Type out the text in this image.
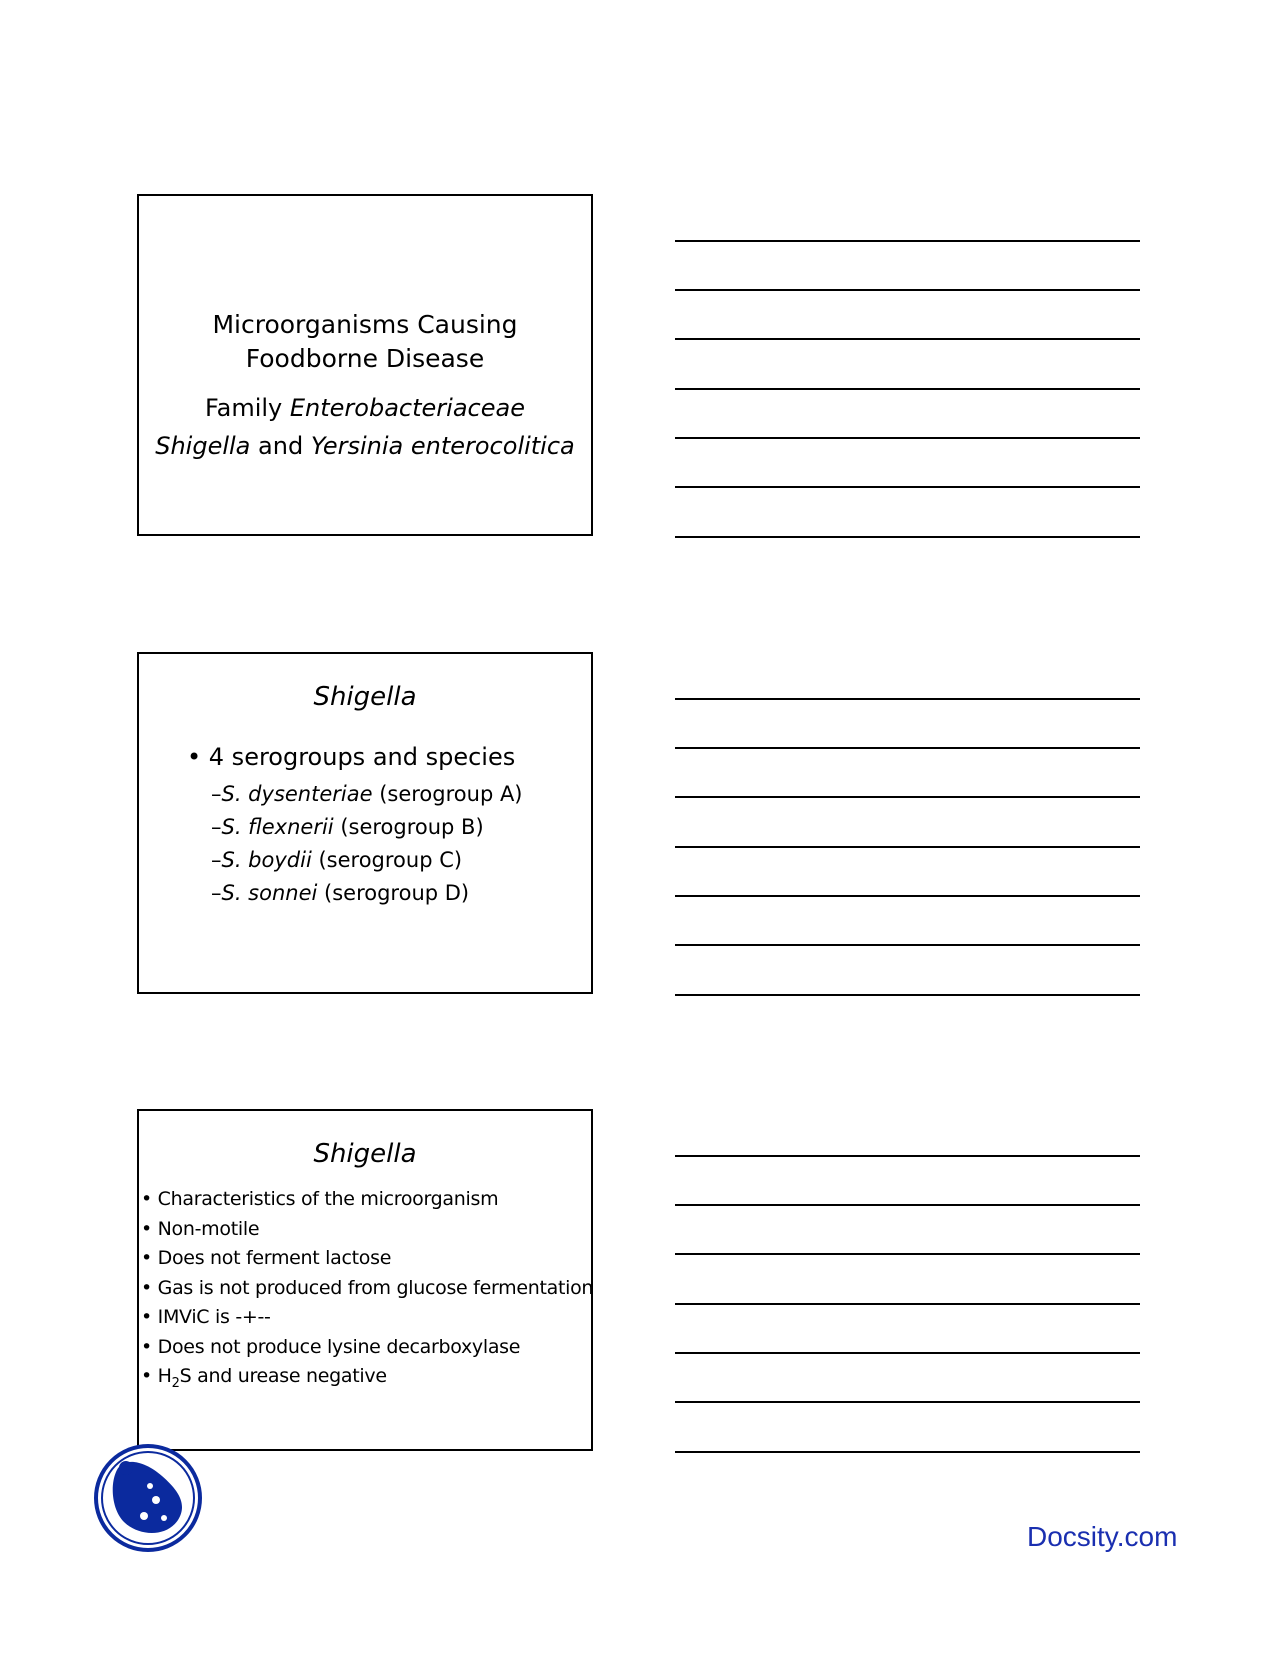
Microorganisms Causing
Foodborne Disease
Family Enterobacteriaceae
Shigella and Yersinia enterocolitica
Shigella
• 4 serogroups and species
–S. dysenteriae (serogroup A)
–S. flexnerii (serogroup B)
–S. boydii (serogroup C)
–S. sonnei (serogroup D)
Shigella
• Characteristics of the microorganism
• Non-motile
• Does not ferment lactose
• Gas is not produced from glucose fermentation
• IMViC is -+--
• Does not produce lysine decarboxylase
• $H_2S$ and urease negative
Docsity.com
